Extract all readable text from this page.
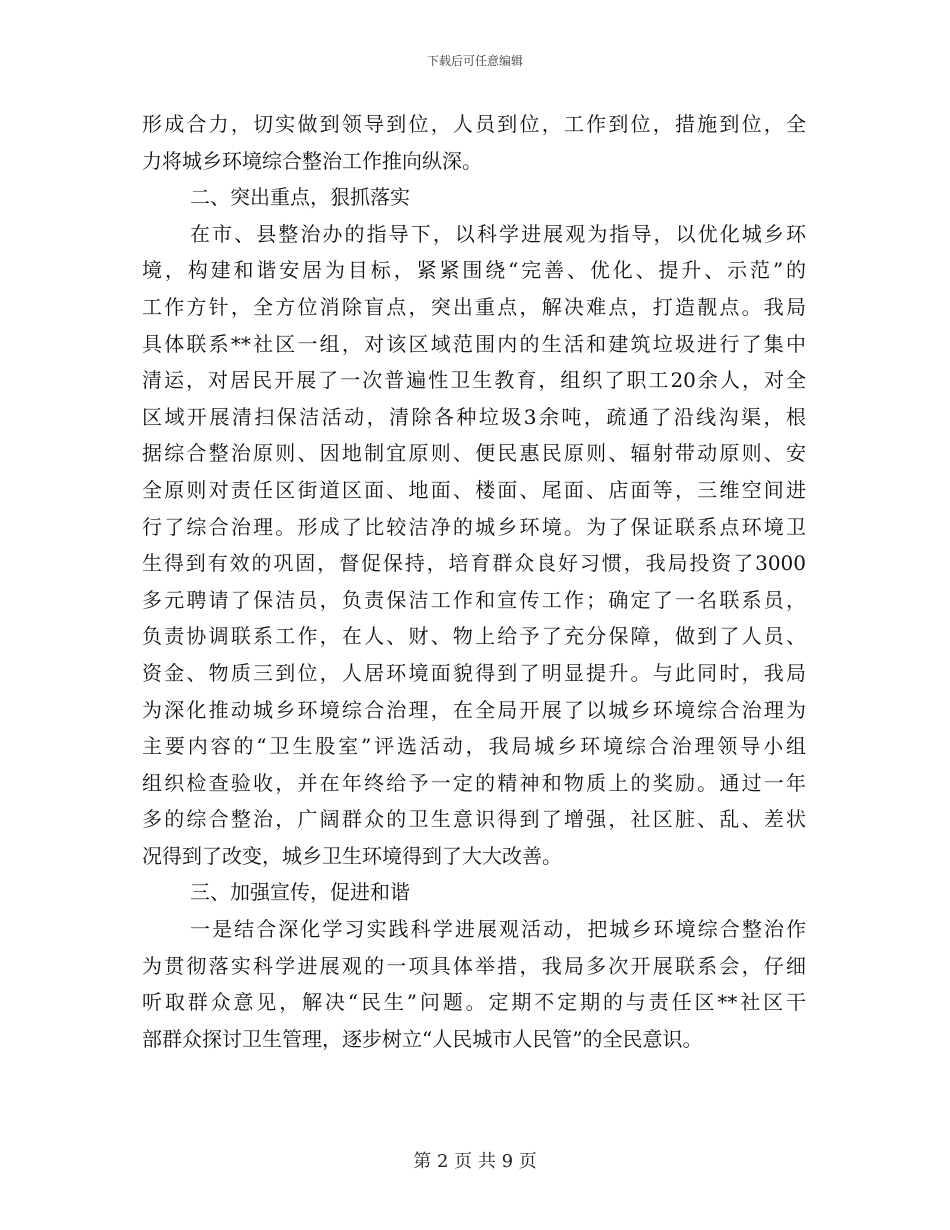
下载后可任意编辑
形成合力，切实做到领导到位，人员到位，工作到位，措施到位，全
力将城乡环境综合整治工作推向纵深。
二、突出重点，狠抓落实
在市、县整治办的指导下，以科学进展观为指导，以优化城乡环
境，构建和谐安居为目标，紧紧围绕“完善、优化、提升、示范”的
工作方针，全方位消除盲点，突出重点，解决难点，打造靓点。我局
具体联系**社区一组，对该区域范围内的生活和建筑垃圾进行了集中
清运，对居民开展了一次普遍性卫生教育，组织了职工20余人，对全
区域开展清扫保洁活动，清除各种垃圾3余吨，疏通了沿线沟渠，根
据综合整治原则、因地制宜原则、便民惠民原则、辐射带动原则、安
全原则对责任区街道区面、地面、楼面、尾面、店面等，三维空间进
行了综合治理。形成了比较洁净的城乡环境。为了保证联系点环境卫
生得到有效的巩固，督促保持，培育群众良好习惯，我局投资了3000
多元聘请了保洁员，负责保洁工作和宣传工作；确定了一名联系员，
负责协调联系工作，在人、财、物上给予了充分保障，做到了人员、
资金、物质三到位，人居环境面貌得到了明显提升。与此同时，我局
为深化推动城乡环境综合治理，在全局开展了以城乡环境综合治理为
主要内容的“卫生股室”评选活动，我局城乡环境综合治理领导小组
组织检查验收，并在年终给予一定的精神和物质上的奖励。通过一年
多的综合整治，广阔群众的卫生意识得到了增强，社区脏、乱、差状
况得到了改变，城乡卫生环境得到了大大改善。
三、加强宣传，促进和谐
一是结合深化学习实践科学进展观活动，把城乡环境综合整治作
为贯彻落实科学进展观的一项具体举措，我局多次开展联系会，仔细
听取群众意见，解决“民生”问题。定期不定期的与责任区**社区干
部群众探讨卫生管理，逐步树立“人民城市人民管”的全民意识。
第 2 页 共 9 页
